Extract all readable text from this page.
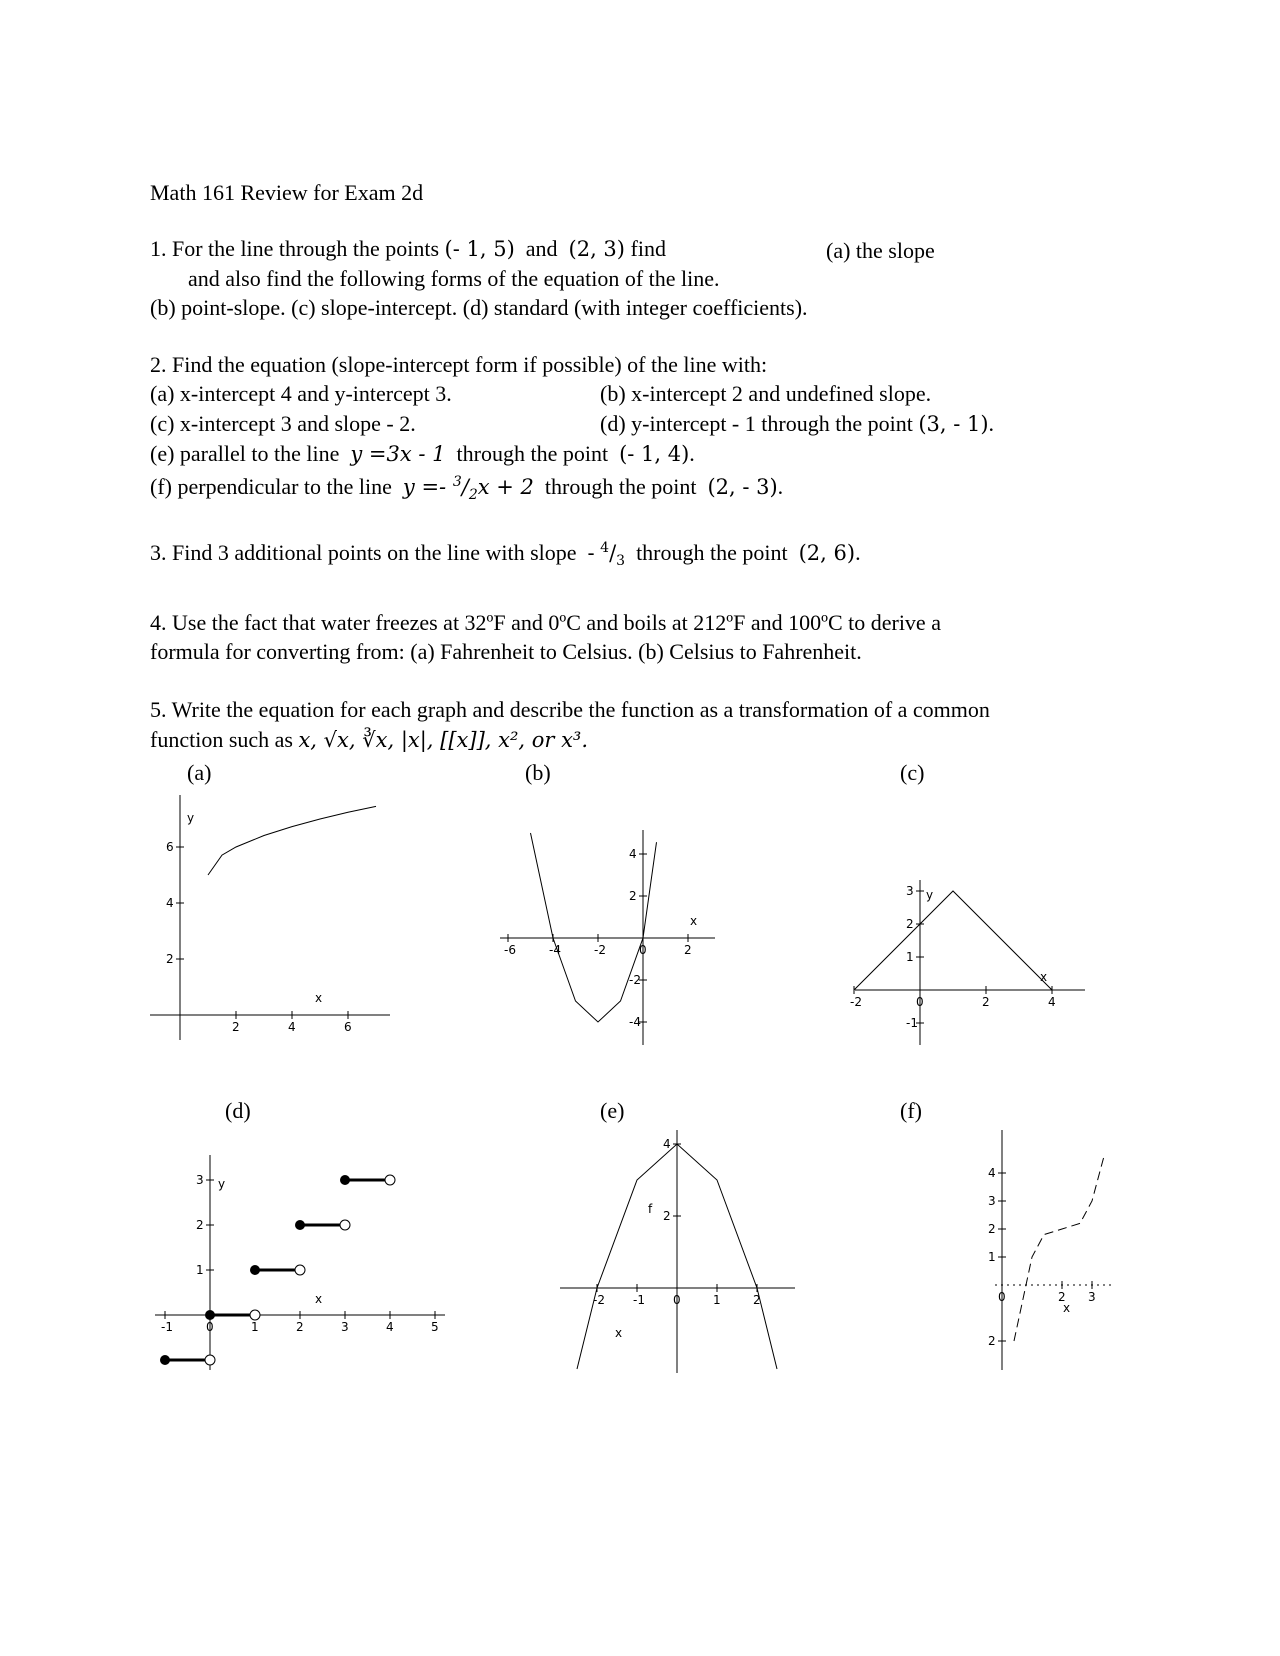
Math 161 Review for Exam 2d
1. For the line through the points (- 1, 5) and (2, 3) find	(a) the slope
and also find the following forms of the equation of the line.
(b) point-slope. (c) slope-intercept. (d) standard (with integer coefficients).
2. Find the equation (slope-intercept form if possible) of the line with:
(a) x-intercept 4 and y-intercept 3.	(b) x-intercept 2 and undefined slope.
(c) x-intercept 3 and slope - 2.	(d) y-intercept - 1 through the point (3, - 1).
(e) parallel to the line y =3x - 1 through the point (- 1, 4).
(f) perpendicular to the line $y =- ^3/_2x + 2$ through the point (2, - 3).
3. Find 3 additional points on the line with slope - $^4/_3$ through the point (2, 6).
4. Use the fact that water freezes at 32ºF and 0ºC and boils at 212ºF and 100ºC to derive a
formula for converting from: (a) Fahrenheit to Celsius. (b) Celsius to Fahrenheit.
5. Write the equation for each graph and describe the function as a transformation of a common
function such as x, √x, ∛x, |x|, [[x]], x², or x³.
(a)	(b)	(c)
(d)	(e)	(f)
2	4	6
2
4
6
x
y
-6	-4	-2	0	2
4
2
-2
-4
x
-2	0	2	4
3
2
1
-1
x
y
-1	0	1	2	3	4	5
3
2
1
x
y
-2 -1 0	1	2
4
2
x
f
0	2 3
4
3
2
1
2
x
